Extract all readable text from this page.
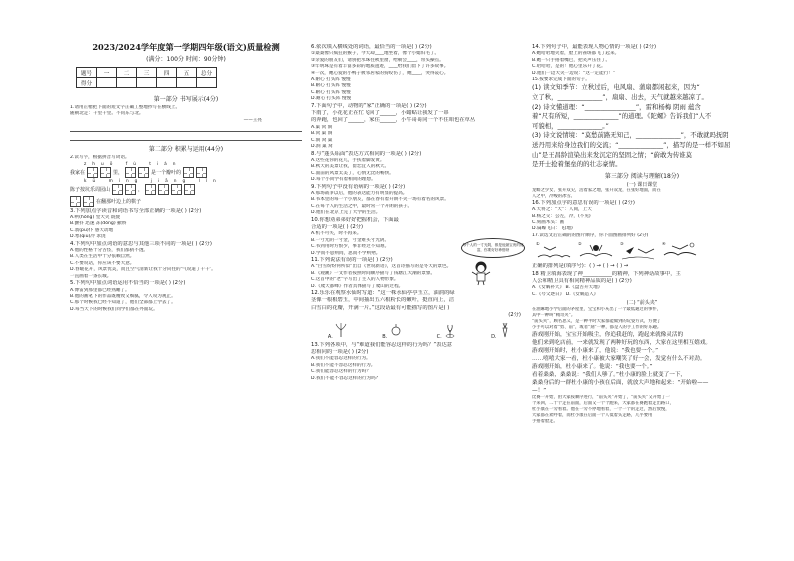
2023/2024学年度第一学期四年级(语文)质量检测
(满分：100分 时间：90分钟)
题号	一	二	三	四	五	总分
得分						
第一部分 书写展示(4分)
1.请用正楷把下面的短文字正确工整地抄写在横线上。
随朝北走：千里千里。不问东与北。
——王亮
第二部分 积累与运用(44分)
2.读写字，根据拼音写词语。
zhuō fù tián
我家在	里，	是一个瓣叶的
kū míng jiāng lǐn
陈子按坑乐周园山	，
在翻那叶边上的棋子
3.下列加点字读音和词语书写全部正确的一项是( ) (2分)
A.哄(hǒng) 堂大笑 既使
B.颤抖 迅速 冻(dòng) 撒娇
C.翡(pū)仆 感天动地
D.寒(qiū)冷 求饶
4.下列句中加点词语的意思与其他三项不同的一项是( ) (2分)
A.他的性格十分古怪，我们都猜不透。
B.人类在生活中十分依赖自然。
C.不要说话，你应该不要大意。
D.春暖花开，风景优美，而且空气清新让我十分向往的‘气说道了千千’。
一直画着一条长城。
5.下列句中加点词语运用不恰当的一项是( ) (2分)
A.傅雷到那里都已经熟睡了。
B.他的画笔下的作品既精致又细腻，令人叹为观止。
C.那个时候我已经不知道了，他们全部都上学去了。
D.每当天下的时候我们同学们都在外面玩。
6.依次填入横线处的词语，最恰当的一项是( ) (2分)
①桑桑像只疯狂的猴子，今天却____地坐着，像个小媳妇毛了。
②亲爱的朋友们，请别把水珠往秋里窗，给朝会____，带头操点。
③牢明珠是有着丰富多彩的地质遗迹，____给我们留下了许多故事。
④一次，她心爱的小鸭子被邻居家的狗咬伤了，她____，哭得哀心。
A.耐心 打头阵 慢慢
B.耐心 打头阵 慢慢
C.耐心 打头阵 慢慢
D.耐心 打头阵 慢慢
7.下面句子中，动物的“家”正确的一项是( ) (2分)
下雨了，小花花正在忙飞回了______，小蜡蛄让我发了一串
的奔跑，也回了______，家住______，小牛哥哥同一个不住咱也在草丛
A.巢 窝 洞
B.窝 巢 洞
C.洞 窝 巢
D.洞 巢 窝
8.与“蓬头垢面”表达方式相同的一项是( ) (2分)
A.这些花你的花儿，手扶着脚发黄。
B.秋天的美景让我，留恋宜人的秋天。
C.面前的风景太美了，心情无比的畅快。
D.每个小同学有着相同的理想。
9.下列句子中没有语病的一项是( ) (2分)
A.那场战争以后，他的表达能力有明显的提高。
B.书本里的每一个小朋友，都在春有着开朗不笑一场有着名的风景。
C.在每个人的生活之中，最时常一个开朗的孩子。
D.他们在北京上完了大学的生活。
10.你想劝弟弟好好把握机会，下面最
合适的一项是( ) (2分)
A.机不可失，时不再来。
B.一寸光阴一寸金，寸金难买寸光阴。
C.书到用时方恨少，事非经过不知难。
D.学而不思则罔，思而不学则殆。
11.下列说法有误的一项是( ) (2分)
A.“白雪纷纷何所似”出自《世说新语》，这首诗描写的是冬天的景色。
B.《观潮》一文作者按照时间顺序描写了钱塘江大潮的景象。
C.这首中的“老”字写出了主人的人物形象。
D.《爬天都峰》作者具体描写了爬山的过程。
12.乐乐在观察水仙时写道：“这一株水仙亭亭玉立，油润的绿
茎像一根根碧玉，中间抽出五六根粉长的嫩叶，挺直向上，洁
白雪白的花瓣，开满一片。”这段话最有可能描写的图片是( )
(2分)
A.	B.	C.	D.
13.下列各项中，与“难道我们能容忍这样的行为吗？”表达意
思相同的一项是( ) (2分)
A.我们不能容忍这样的行为。
B.我们不能不容忍这样的行为。
C.我们能容忍这样的行为吗？
D.我们不能不容忍这样的行为吗？
每个人的一寸光阴，都是他最宝贵的财富，你要好好珍惜呀
14.下列句子中，最能表现人物心情的一项是( ) (2分)
A.她哈哈地笑着，脸上的雀斑都飞了起来。
B.她一只手捂着嘴巴，把笑声压住了。
C.哈哈哈，是的！他心里乐开了花。
D.他们一边大笑一边说：“这一定能行！”
15.按要求完成下面的句子。
(1) 读文知季节：立秋过后，电风扇、蒲扇都闲起来，因为“
立了秋，______________”，扇扇、出去，天气就越来越凉了。
(2) 诗文懂道理：“________________”，雷和杨梅 阴雨 蕴含
着“尺有所短，______________”的道理。《陀螺》告诉我们“人不
可貌相，______________。”
(3) 诗文说情境：“莫愁前路无知己，______________”，不敢就吗抚阴
送丹用来给身边我们的交流；“______________”，描写的是一样不如屈
山”是王昌龄渲染出来发沉定的坚固之情；“蔚敢为传谁莫
是开士抢着堡垒的的壮志豪情。
第三部分 阅读与理解(18分)
(一) 课日课堂
龙蟒之少女，张开双尖，活着家之地，张开双龙，在张好地面，而在
人之中，冷峻的冰雪。
16.下列加点字的意思有误的一项是( ) (2分)
A.天将之：“天”：人间，上天
B.杨之交：公左，冷，(不见)
C.刻画木头：画
D.扁蝶飞日：飞(地)
17.读选文后正确的的图片顺序，你下面图画排列好 (2分)
①	②	③	④
正确的排列是(填序号)：( ) → ( ) → ( ) →
18 精卫填海表现了神___________的精神，下列神话故事中，主
人公和精卫具有相同精神品质的是( ) (2分)
A.《女娲补天》 B.《盘古开天地》
C.《夸父逐日》 D.《女娲造人》
(二) “前头夹”
在油麻地小学后面的茅屋里，宝宝和小灰出了一个最低通过的事件，
其中一种叫“鞘奇夹”。
“前头夹”，顾名思义，是一种平时大家都能做到的玩耍方式，方便了
小手可以对着“剪、前”，或者“刻”一种，都是人的手工作的好乐趣。
游戏刚开始，宝宝开始吸尘，你追我赶的，跑起来就像灵活的
他们来到吃店前，一来就发现了两种好玩的东西，大家在这里相互嬉戏。
游戏刚开始时，杜小康来了，他说：“我也要一个。”
……嘻嘻大家一看，杜小康被大家嘲笑了好一会，发觉有什么不对劲。
游戏刚开始，杜小康来了。他说：“我也要一个。”
看着桑桑，桑桑说：“我们人够了。”杜小康的脸上就变了一下，
桑桑身后的一群杜小康的小孩在后面，就放大声地和起来：“开始啦——
—！”
比赛一开始，由大家按顺序进行，“前头夹”开始了，“前头夹”又开始了一
个来回，二十个走在前面，后面又一个个跑来，大家都在赛跑着走出路口，
杜小康在一旁看着。他在一旁不停地看着，一个一个的走过，然后放慢，
大家都在欢呼着，而杜小康在后面一个人低着头走路，几乎要用
手捂着脸走。
